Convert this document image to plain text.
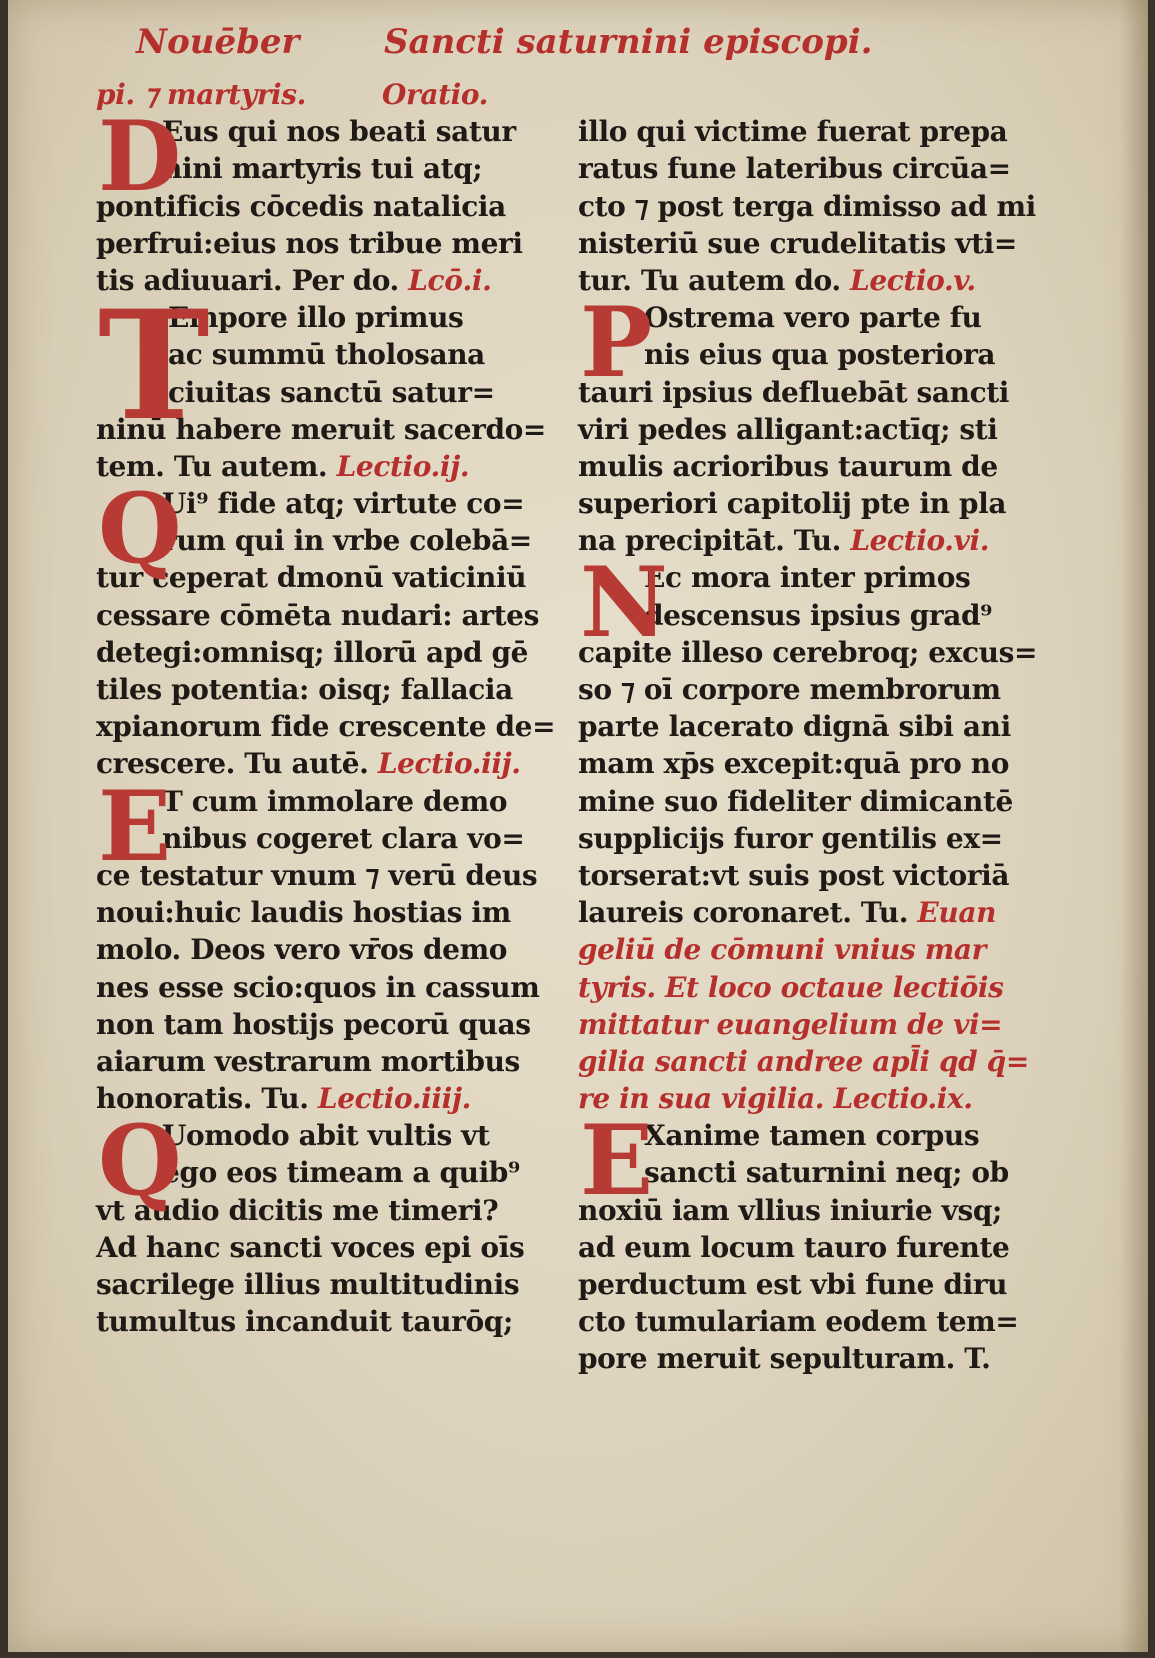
Nouēber Sancti saturnini episcopi.
pi. ⁊ martyris.
D
Eus qui nos beati satur
nini martyris tui atq;
pontificis cōcedis natalicia
perfrui:eius nos tribue meri
tis adiuuari. Per do. Lcō.i.
T
Empore illo primus
ac summū tholosana
ciuitas sanctū satur=
ninū habere meruit sacerdo=
tem. Tu autem. Lectio.ij.
Q
Ui⁹ fide atq; virtute co=
rum qui in vrbe colebā=
tur ceperat dmonū vaticiniū
cessare cōmēta nudari: artes
detegi:omnisq; illorū apd gē
tiles potentia: oisq; fallacia
xpianorum fide crescente de=
crescere. Tu autē. Lectio.iij.
E
T cum immolare demo
nibus cogeret clara vo=
ce testatur vnum ⁊ verū deus
noui:huic laudis hostias im
molo. Deos vero vr̄os demo
nes esse scio:quos in cassum
non tam hostijs pecorū quas
aiarum vestrarum mortibus
honoratis. Tu. Lectio.iiij.
Q
Uomodo abit vultis vt
ego eos timeam a quib⁹
vt audio dicitis me timeri?
Ad hanc sancti voces epi oīs
sacrilege illius multitudinis
tumultus incanduit taurōq;
Oratio.
illo qui victime fuerat prepa
ratus fune lateribus circūa=
cto ⁊ post terga dimisso ad mi
nisteriū sue crudelitatis vti=
tur. Tu autem do. Lectio.v.
P
Ostrema vero parte fu
nis eius qua posteriora
tauri ipsius defluebāt sancti
viri pedes alligant:actīq; sti
mulis acrioribus taurum de
superiori capitolij pte in pla
na precipitāt. Tu. Lectio.vi.
N
Ec mora inter primos
descensus ipsius grad⁹
capite illeso cerebroq; excus=
so ⁊ oī corpore membrorum
parte lacerato dignā sibi ani
mam xp̄s excepit:quā pro no
mine suo fideliter dimicantē
supplicijs furor gentilis ex=
torserat:vt suis post victoriā
laureis coronaret. Tu. Euan
geliū de cōmuni vnius mar
tyris. Et loco octaue lectiōis
mittatur euangelium de vi=
gilia sancti andree apl̄i qd q̄=
re in sua vigilia. Lectio.ix.
E
Xanime tamen corpus
sancti saturnini neq; ob
noxiū iam vllius iniurie vsq;
ad eum locum tauro furente
perductum est vbi fune diru
cto tumulariam eodem tem=
pore meruit sepulturam. T.
